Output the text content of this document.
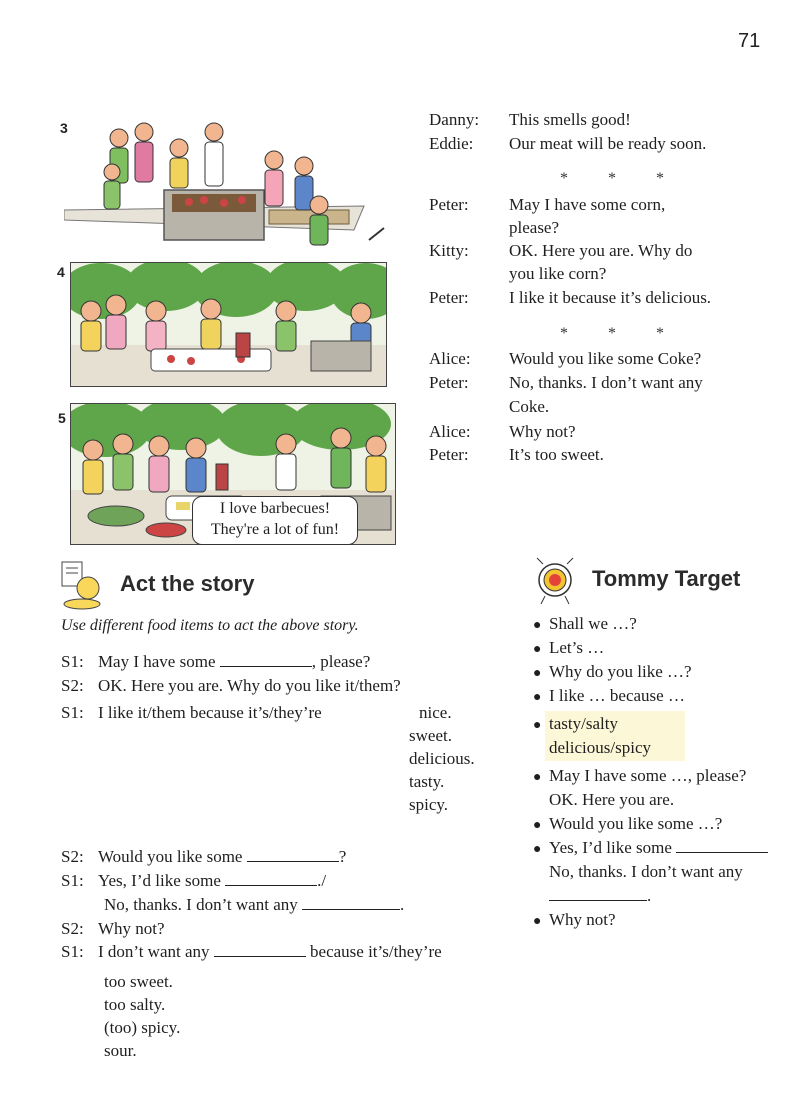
71
3
4
5
I love barbecues!
They're a lot of fun!
Danny:	This smells good!
Eddie:	Our meat will be ready soon.
* * *
Peter:	May I have some corn,
please?
Kitty:	OK. Here you are. Why do
you like corn?
Peter:	I like it because it’s delicious.
* * *
Alice:	Would you like some Coke?
Peter:	No, thanks. I don’t want any
Coke.
Alice:	Why not?
Peter:	It’s too sweet.
Act the story
Use different food items to act the above story.
S1: May I have some	, please?
S2: OK. Here you are. Why do you like it/them?
S1: I like it/them because it’s/they’re	nice.
sweet.
delicious.
tasty.
spicy.
S2: Would you like some	?
S1: Yes, I’d like some	./
No, thanks. I don’t want any	.
S2: Why not?
S1: I don’t want any	because it’s/they’re
too sweet.
too salty.
(too) spicy.
sour.
Tommy Target
● Shall we …?
● Let’s …
● Why do you like …?
● I like … because …
● tasty/salty
delicious/spicy
● May I have some …, please?
OK. Here you are.
● Would you like some …?
● Yes, I’d like some
No, thanks. I don’t want any
.
● Why not?
